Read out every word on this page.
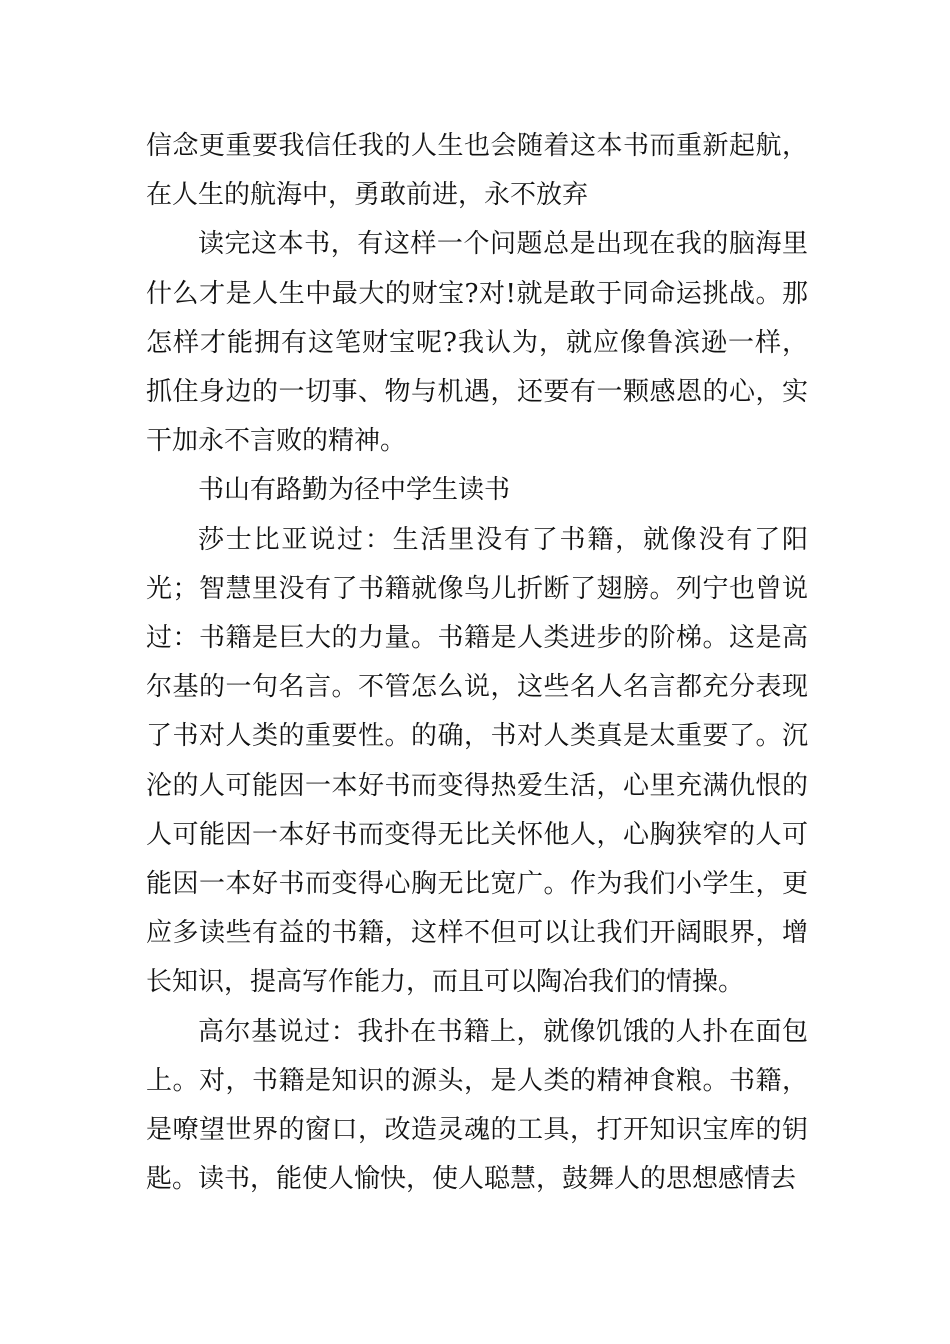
信念更重要我信任我的人生也会随着这本书而重新起航，在人生的航海中，勇敢前进，永不放弃

读完这本书，有这样一个问题总是出现在我的脑海里什么才是人生中最大的财宝?对!就是敢于同命运挑战。那怎样才能拥有这笔财宝呢?我认为，就应像鲁滨逊一样，抓住身边的一切事、物与机遇，还要有一颗感恩的心，实干加永不言败的精神。

书山有路勤为径中学生读书

莎士比亚说过：生活里没有了书籍，就像没有了阳光；智慧里没有了书籍就像鸟儿折断了翅膀。列宁也曾说过：书籍是巨大的力量。书籍是人类进步的阶梯。这是高尔基的一句名言。不管怎么说，这些名人名言都充分表现了书对人类的重要性。的确，书对人类真是太重要了。沉沦的人可能因一本好书而变得热爱生活，心里充满仇恨的人可能因一本好书而变得无比关怀他人，心胸狭窄的人可能因一本好书而变得心胸无比宽广。作为我们小学生，更应多读些有益的书籍，这样不但可以让我们开阔眼界，增长知识，提高写作能力，而且可以陶冶我们的情操。

高尔基说过：我扑在书籍上，就像饥饿的人扑在面包上。对，书籍是知识的源头，是人类的精神食粮。书籍，是嘹望世界的窗口，改造灵魂的工具，打开知识宝库的钥匙。读书，能使人愉快，使人聪慧，鼓舞人的思想感情去
